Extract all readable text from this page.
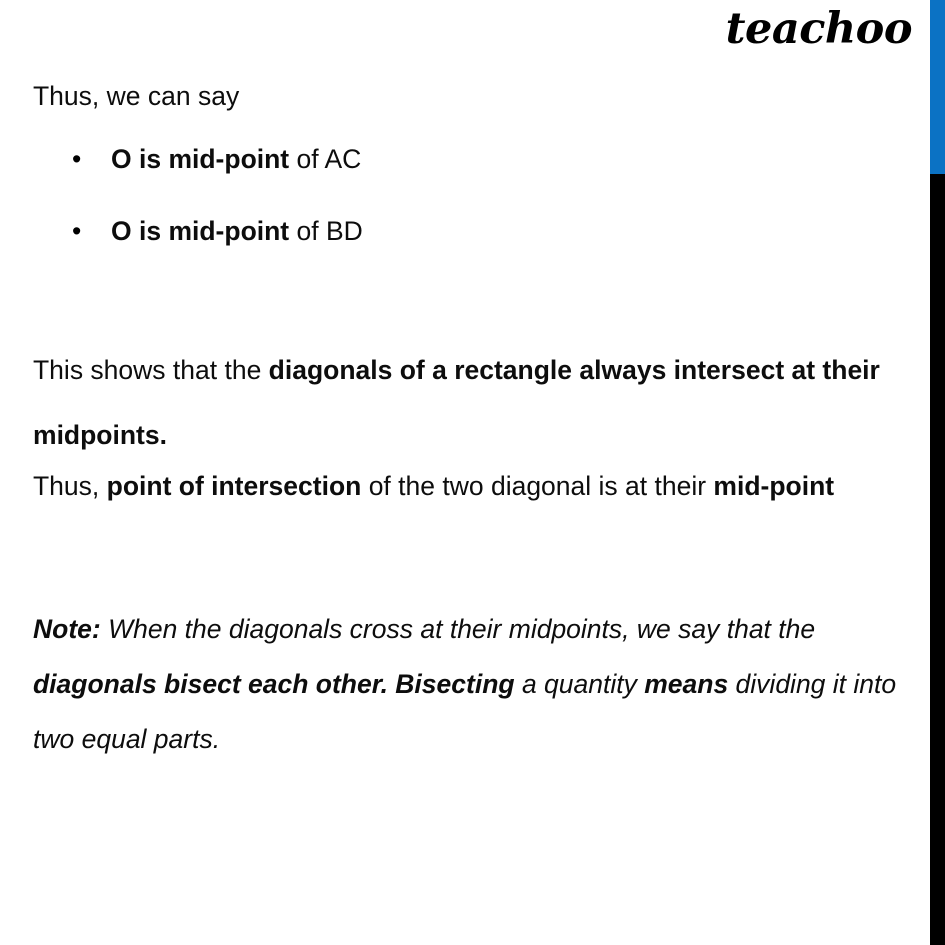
teachoo
Thus, we can say
• O is mid-point of AC
• O is mid-point of BD
This shows that the diagonals of a rectangle always intersect at their midpoints.
Thus, point of intersection of the two diagonal is at their mid-point
Note: When the diagonals cross at their midpoints, we say that the diagonals bisect each other. Bisecting a quantity means dividing it into two equal parts.
